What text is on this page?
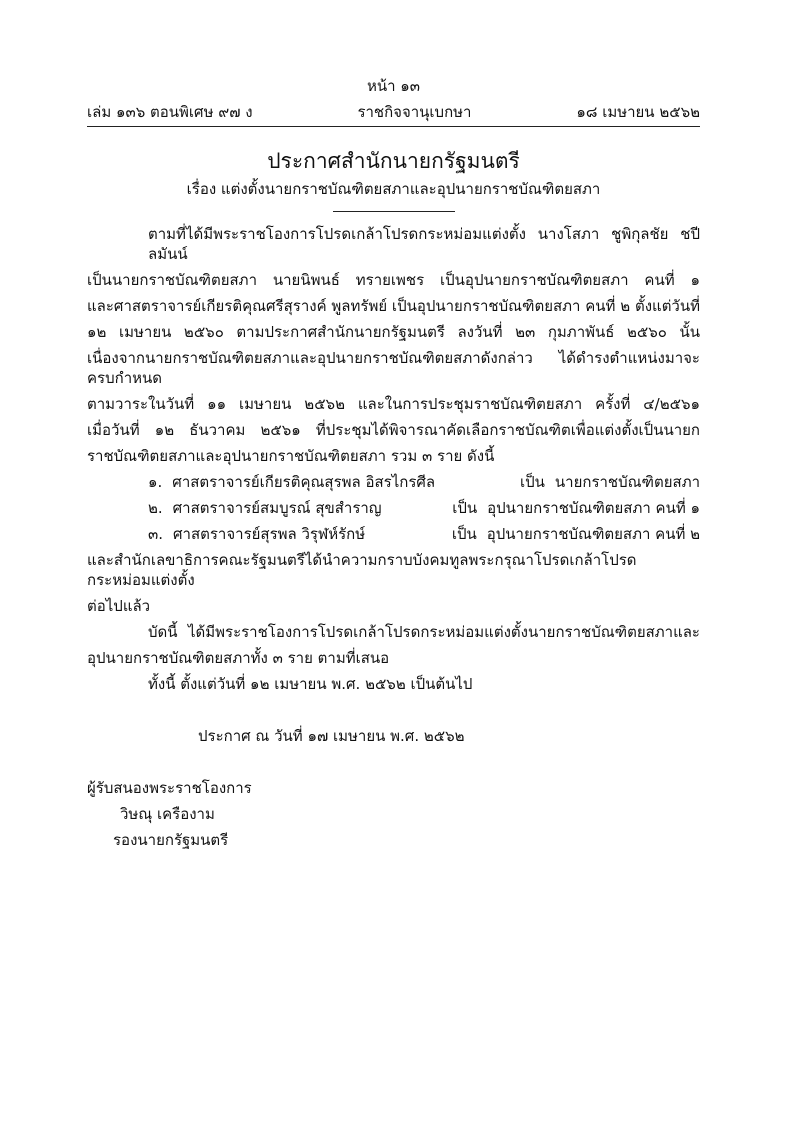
หน้า ๑๓
เล่ม ๑๓๖ ตอนพิเศษ ๙๗ ง	ราชกิจจานุเบกษา	๑๘ เมษายน ๒๕๖๒
ประกาศสำนักนายกรัฐมนตรี
เรื่อง แต่งตั้งนายกราชบัณฑิตยสภาและอุปนายกราชบัณฑิตยสภา
ตามที่ได้มีพระราชโองการโปรดเกล้าโปรดกระหม่อมแต่งตั้ง นางโสภา ชูพิกุลชัย ชปีลมันน์
เป็นนายกราชบัณฑิตยสภา นายนิพนธ์ ทรายเพชร เป็นอุปนายกราชบัณฑิตยสภา คนที่ ๑
และศาสตราจารย์เกียรติคุณศรีสุรางค์ พูลทรัพย์ เป็นอุปนายกราชบัณฑิตยสภา คนที่ ๒ ตั้งแต่วันที่
๑๒ เมษายน ๒๕๖๐ ตามประกาศสำนักนายกรัฐมนตรี ลงวันที่ ๒๓ กุมภาพันธ์ ๒๕๖๐ นั้น
เนื่องจากนายกราชบัณฑิตยสภาและอุปนายกราชบัณฑิตยสภาดังกล่าว ได้ดำรงตำแหน่งมาจะครบกำหนด
ตามวาระในวันที่ ๑๑ เมษายน ๒๕๖๒ และในการประชุมราชบัณฑิตยสภา ครั้งที่ ๔/๒๕๖๑
เมื่อวันที่ ๑๒ ธันวาคม ๒๕๖๑ ที่ประชุมได้พิจารณาคัดเลือกราชบัณฑิตเพื่อแต่งตั้งเป็นนายก
ราชบัณฑิตยสภาและอุปนายกราชบัณฑิตยสภา รวม ๓ ราย ดังนี้
๑. ศาสตราจารย์เกียรติคุณสุรพล อิสรไกรศีล	เป็น นายกราชบัณฑิตยสภา
๒. ศาสตราจารย์สมบูรณ์ สุขสำราญ	เป็น อุปนายกราชบัณฑิตยสภา คนที่ ๑
๓. ศาสตราจารย์สุรพล วิรุฬห์รักษ์	เป็น อุปนายกราชบัณฑิตยสภา คนที่ ๒
และสำนักเลขาธิการคณะรัฐมนตรีได้นำความกราบบังคมทูลพระกรุณาโปรดเกล้าโปรดกระหม่อมแต่งตั้ง
ต่อไปแล้ว
บัดนี้ ได้มีพระราชโองการโปรดเกล้าโปรดกระหม่อมแต่งตั้งนายกราชบัณฑิตยสภาและ
อุปนายกราชบัณฑิตยสภาทั้ง ๓ ราย ตามที่เสนอ
ทั้งนี้ ตั้งแต่วันที่ ๑๒ เมษายน พ.ศ. ๒๕๖๒ เป็นต้นไป
ประกาศ ณ วันที่ ๑๗ เมษายน พ.ศ. ๒๕๖๒
ผู้รับสนองพระราชโองการ
วิษณุ เครืองาม
รองนายกรัฐมนตรี
